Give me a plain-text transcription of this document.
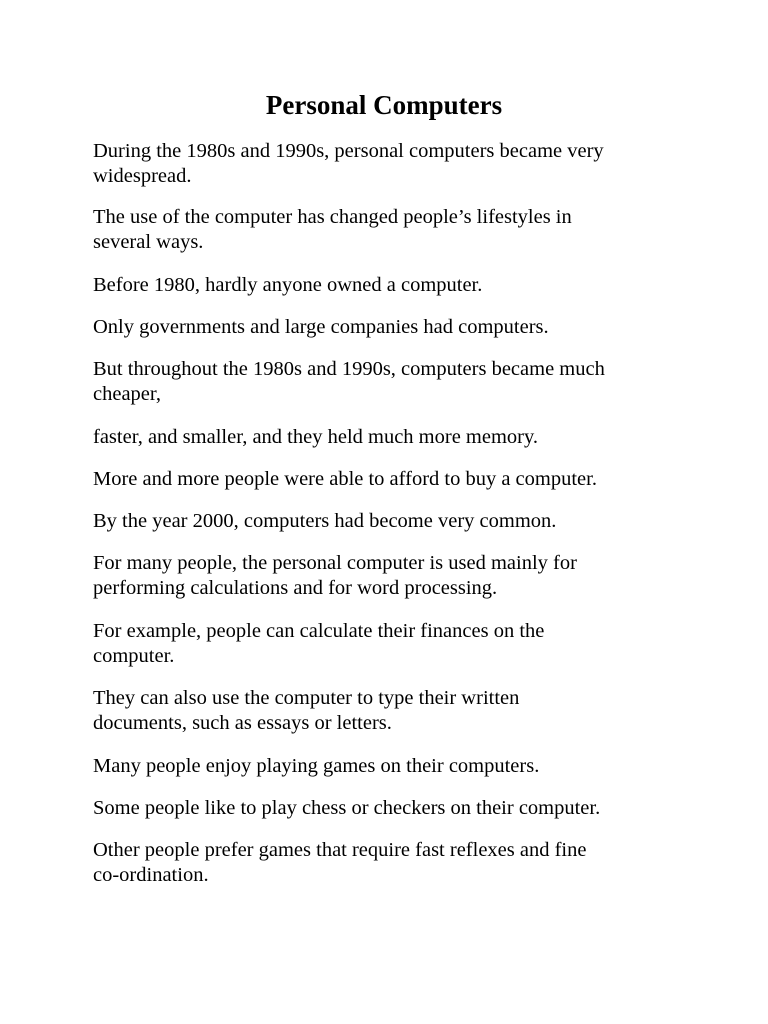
Personal Computers

During the 1980s and 1990s, personal computers became very
widespread.

The use of the computer has changed people’s lifestyles in
several ways.

Before 1980, hardly anyone owned a computer.

Only governments and large companies had computers.

But throughout the 1980s and 1990s, computers became much
cheaper,

faster, and smaller, and they held much more memory.

More and more people were able to afford to buy a computer.

By the year 2000, computers had become very common.

For many people, the personal computer is used mainly for
performing calculations and for word processing.

For example, people can calculate their finances on the
computer.

They can also use the computer to type their written
documents, such as essays or letters.

Many people enjoy playing games on their computers.

Some people like to play chess or checkers on their computer.

Other people prefer games that require fast reflexes and fine
co-ordination.
